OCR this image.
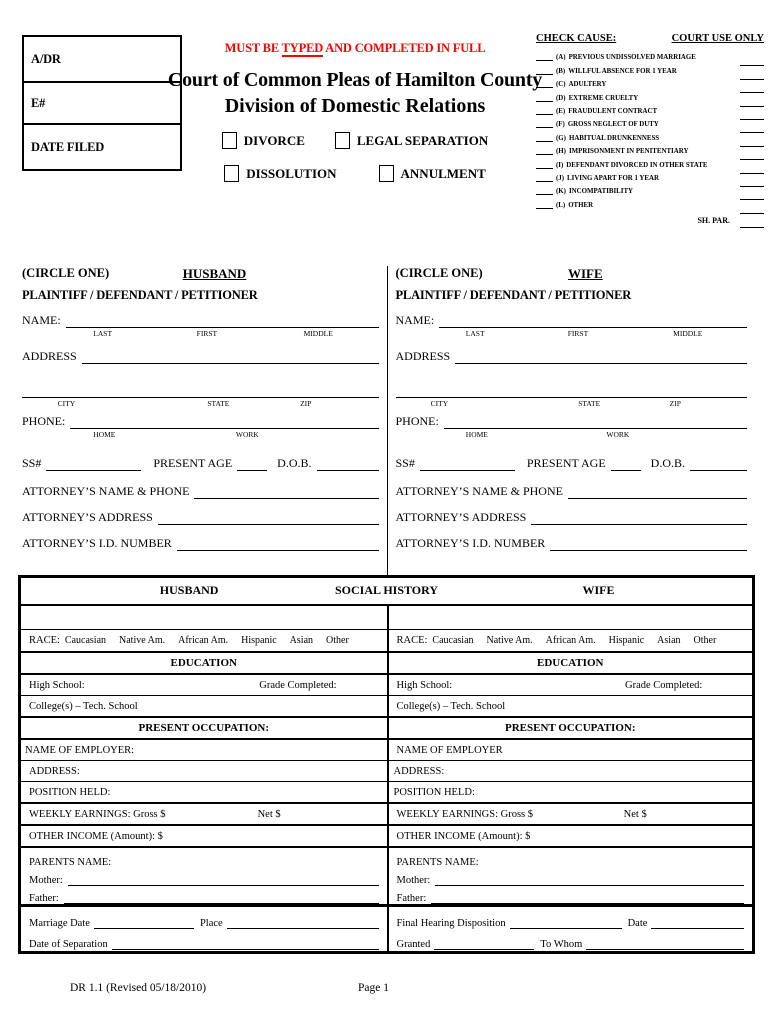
A/DR
E#
DATE FILED
MUST BE TYPED AND COMPLETED IN FULL
Court of Common Pleas of Hamilton County
Division of Domestic Relations
DIVORCE	LEGAL SEPARATION
DISSOLUTION	ANNULMENT
CHECK CAUSE:	COURT USE ONLY
(A) PREVIOUS UNDISSOLVED MARRIAGE
(B) WILLFUL ABSENCE FOR 1 YEAR
(C) ADULTERY
(D) EXTREME CRUELTY
(E) FRAUDULENT CONTRACT
(F) GROSS NEGLECT OF DUTY
(G) HABITUAL DRUNKENNESS
(H) IMPRISONMENT IN PENITENTIARY
(I) DEFENDANT DIVORCED IN OTHER STATE
(J) LIVING APART FOR 1 YEAR
(K) INCOMPATIBILITY
(L) OTHER
SH. PAR.
(CIRCLE ONE)	HUSBAND
PLAINTIFF / DEFENDANT / PETITIONER
NAME:
LAST	FIRST	MIDDLE
ADDRESS
CITY	STATE	ZIP
PHONE:
HOME	WORK
SS#	PRESENT AGE	D.O.B.
ATTORNEY’S NAME & PHONE
ATTORNEY’S ADDRESS
ATTORNEY’S I.D. NUMBER
(CIRCLE ONE)	WIFE
PLAINTIFF / DEFENDANT / PETITIONER
NAME:
LAST	FIRST	MIDDLE
ADDRESS
CITY	STATE	ZIP
PHONE:
HOME	WORK
SS#	PRESENT AGE	D.O.B.
ATTORNEY’S NAME & PHONE
ATTORNEY’S ADDRESS
ATTORNEY’S I.D. NUMBER
HUSBAND	SOCIAL HISTORY	WIFE
RACE: Caucasian Native Am. African Am. Hispanic Asian Other	RACE: Caucasian Native Am. African Am. Hispanic Asian Other
EDUCATION	EDUCATION
High School:	Grade Completed:	High School:	Grade Completed:
College(s) – Tech. School	College(s) – Tech. School
PRESENT OCCUPATION:	PRESENT OCCUPATION:
NAME OF EMPLOYER:	NAME OF EMPLOYER
ADDRESS:	ADDRESS:
POSITION HELD:	POSITION HELD:
WEEKLY EARNINGS: Gross $	Net $	WEEKLY EARNINGS: Gross $	Net $
OTHER INCOME (Amount): $	OTHER INCOME (Amount): $
PARENTS NAME:
Mother:
Father:
PARENTS NAME:
Mother:
Father:
Marriage Date	Place
Date of Separation
Final Hearing Disposition	Date
Granted	To Whom
DR 1.1 (Revised 05/18/2010)	Page 1
